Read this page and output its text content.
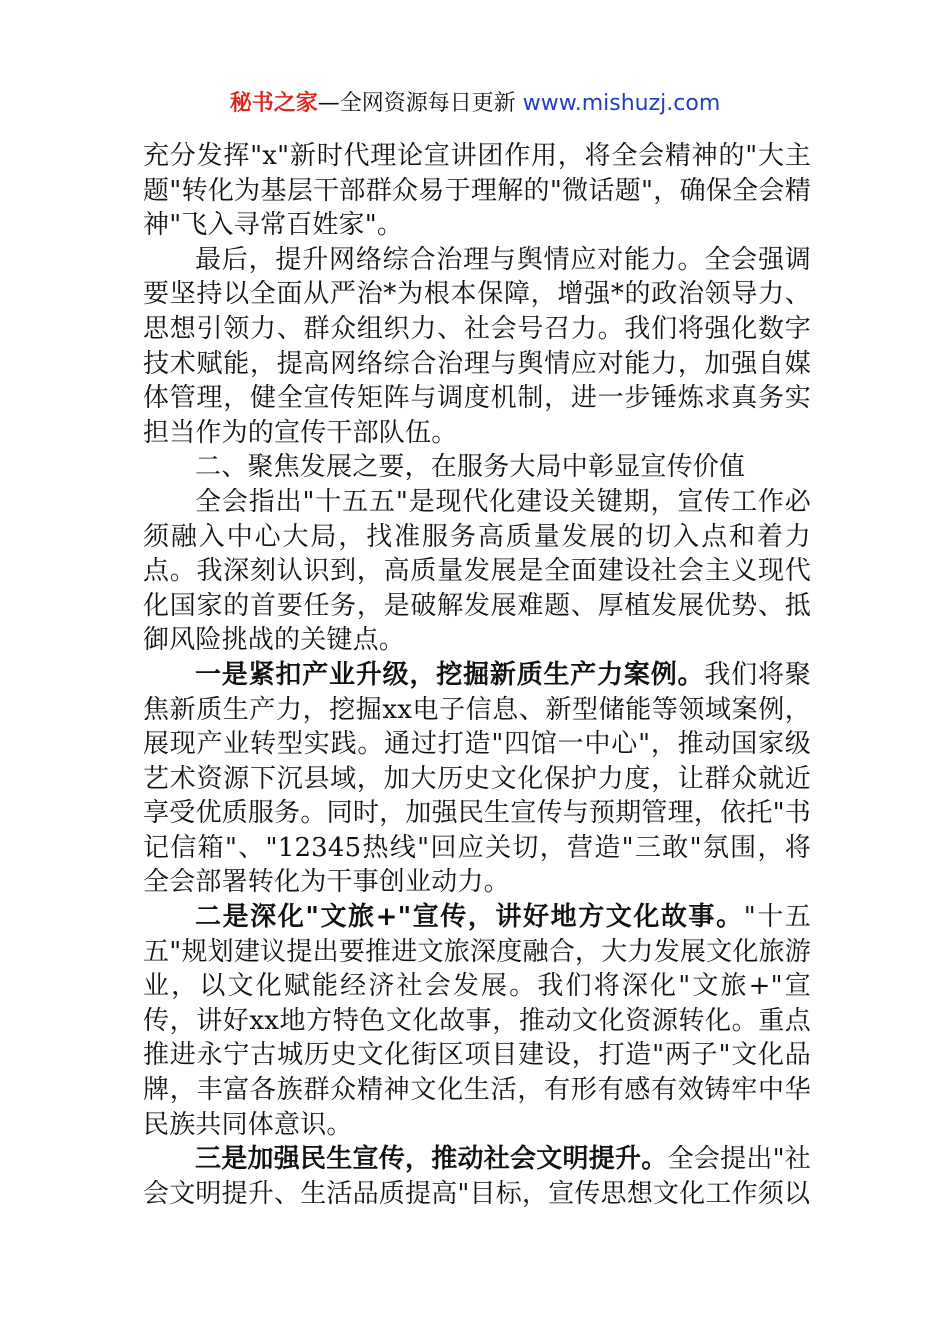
秘书之家—全网资源每日更新 www.mishuzj.com

充分发挥"x"新时代理论宣讲团作用，将全会精神的"大主题"转化为基层干部群众易于理解的"微话题"，确保全会精神"飞入寻常百姓家"。

最后，提升网络综合治理与舆情应对能力。全会强调要坚持以全面从严治*为根本保障，增强*的政治领导力、思想引领力、群众组织力、社会号召力。我们将强化数字技术赋能，提高网络综合治理与舆情应对能力，加强自媒体管理，健全宣传矩阵与调度机制，进一步锤炼求真务实担当作为的宣传干部队伍。

二、聚焦发展之要，在服务大局中彰显宣传价值

全会指出"十五五"是现代化建设关键期，宣传工作必须融入中心大局，找准服务高质量发展的切入点和着力点。我深刻认识到，高质量发展是全面建设社会主义现代化国家的首要任务，是破解发展难题、厚植发展优势、抵御风险挑战的关键点。

一是紧扣产业升级，挖掘新质生产力案例。我们将聚焦新质生产力，挖掘xx电子信息、新型储能等领域案例，展现产业转型实践。通过打造"四馆一中心"，推动国家级艺术资源下沉县域，加大历史文化保护力度，让群众就近享受优质服务。同时，加强民生宣传与预期管理，依托"书记信箱"、"12345热线"回应关切，营造"三敢"氛围，将全会部署转化为干事创业动力。

二是深化"文旅+"宣传，讲好地方文化故事。"十五五"规划建议提出要推进文旅深度融合，大力发展文化旅游业，以文化赋能经济社会发展。我们将深化"文旅+"宣传，讲好xx地方特色文化故事，推动文化资源转化。重点推进永宁古城历史文化街区项目建设，打造"两子"文化品牌，丰富各族群众精神文化生活，有形有感有效铸牢中华民族共同体意识。

三是加强民生宣传，推动社会文明提升。全会提出"社会文明提升、生活品质提高"目标，宣传思想文化工作须以
